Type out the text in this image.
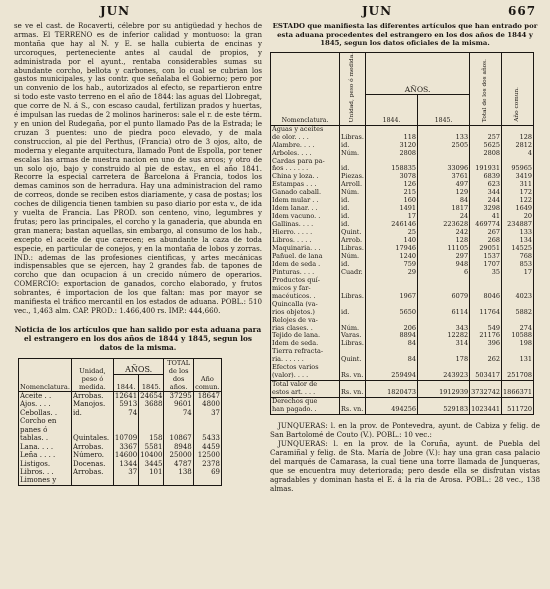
JUN	JUN	667

se ve el cast. de Rocaverti, célebre por su antigüedad y hechos de armas. El TERRENO es de inferior calidad y montuoso: la gran montaña que hay al N. y E. se halla cubierta de encinas y urcoroques, perteneciente antes al caudal de propios, y administrada por el ayunt., rentaba considerables sumas su abundante corcho, bellota y carbones, con lo cual se cubrian los gastos municipales, y las contr. que señalaba el Gobierno; pero por un convenio de los hab., autorizados al efecto, se repartieron entre si todo este vasto terreno en el año de 1844: las aguas del Llobregat, que corre de N. á S., con escaso caudal, fertilizan prados y huertas, é impulsan las ruedas de 2 molinos harineros: sale el r. de este térm. y en union del Rudegaña, por el punto llamado Pas de la Estrada; le cruzan 3 puentes: uno de piedra poco elevado, y de mala construccion, al pie del Perthus, (Francia) otro de 3 ojos, alto, de moderna y elegante arquitectura, llamado Pont de Espolla, por tener escalas las armas de nuestra nacion en uno de sus arcos; y otro de un solo ojo, bajo y construido al pie de estav., en el año 1841. Recorre la especial carretera de Barcelona á Francia, todos los demas caminos son de herradura. Hay una administracion del ramo de correos, donde se reciben estos diariamente, y casa de postas; los coches de diligencia tienen tambien su paso diario por esta v., de ida y vuelta de Francia. Las PROD. son centeno, vino, legumbres y frutas; pero las principales, el corcho y la ganaderia, que abunda en gran manera; bastan aquellas, sin embargo, al consumo de los hab., excepto el aceite de que carecen; es abundante la caza de toda especie, en particular de conejos, y en la montaña de lobos y zorras. IND.: ademas de las profesiones cientificas, y artes mecánicas indispensables que se ejercen, hay 2 grandes fab. de tapones de corcho que dan ocupacion á un crecido número de operarios. COMERCIO: exportacion de ganados, corcho elaborado, y frutos sobrantes, é importacion de los que faltan: mas por mayor se manifiesta el tráfico mercantil en los estados de aduana. POBL.: 510 vec., 1,463 alm. CAP. PROD.: 1.466,400 rs. IMP.: 444,660.

Noticia de los artículos que han salido por esta aduana para el estrangero en los dos años de 1844 y 1845, segun los datos de la misma.

Nomenclatura.	Unidad, peso ó medida.	AÑOS.		TOTAL de los dos años.	Año comun.
		1844.	1845.		
Aceite . .	Arrobas.	12641	24654	37295	18647
Ajos. . . .	Manojos.	5913	3688	9601	4800
Cebollas. .	id.	74		74	37
Corcho en					
panes ó					
tablas. .	Quintales.	10709	158	10867	5433
Lana. . . .	Arrobas.	3367	5581	8948	4459
Leña . . . .	Número.	14600	10400	25000	12500
Listigos.	Docenas.	1344	3445	4787	2378
Libros. . .	Arrobas.	37	101	138	69
Limones y					

ESTADO que manifiesta las diferentes artículos que han entrado por esta aduana procedentes del estrangero en los dos años de 1844 y 1845, segun los datos oficiales de la misma.

Nomenclatura.	Unidad, peso ó medida.	AÑOS.		Total de los dos años.	Año comun.
		1844.	1845.		
Aguas y aceites					
de olor. . . .	Libras.	118	133	257	128
Alambre. . . .	id.	3120	2505	5625	2812
Arboles. . . .	Núm.	2808		2808	4
Cardas para pa-					
ños . . . . . .	id.	158835	33096	191931	95965
China y loza. .	Piezas.	3078	3761	6839	3419
Estampas . . .	Arroll.	126	497	623	311
Ganado caball.	Núm.	215	129	344	172
Idem mular . .	id.	160	84	244	122
Idem lanar. . .	id.	1491	1817	3298	1649
Idem vacuno. .	id.	17	24	41	20
Gallinas. . . .	id.	246146	223628	469774	234887
Hierro. . . . .	Quint.	25	242	267	133
Libros. . . . .	Arrob.	140	128	268	134
Maquinaria. . .	Libras.	17946	11105	29051	14525
Pañuel. de lana	Núm.	1240	297	1537	768
Idem de seda .	id.	759	948	1707	853
Pinturas. . . .	Cuadr.	29	6	35	17
Productos quí-					
micos y far-					
macéuticos. .	Libras.	1967	6079	8046	4023
Quincalla (va-					
rios objetos.)	id.	5650	6114	11764	5882
Relojes de va-					
rias clases. .	Núm.	206	343	549	274
Tejido de lana.	Varas.	8894	12282	21176	10588
Idem de seda.	Libras.	84	314	396	198
Tierra refracta-					
ria. . . . . .	Quint.	84	178	262	131
Efectos varios					
(valor). . . .	Rs. vn.	259494	243923	503417	251708
Total valor de					
estos art. . . .	Rs. vn.	1820473	1912939	3732742	1866371
Derechos que					
han pagado. .	Rs. vn.	494256	529183	1023441	511720

JUNQUERAS: l. en la prov. de Pontevedra, ayunt. de Cabiza y felig. de San Bartolomé de Couto (V.). POBL.: 10 vec.:

JUNQUERAS: l. en la prov. de la Coruña, ayunt. de Puebla del Caramiñal y felig. de Sta. María de Jobre (V.): hay una gran casa palacio del marqués de Camarasa, la cual tiene una torre llamada de Junqueras, que se encuentra muy deteriorada; pero desde ella se disfrutan vistas agradables y dominan hasta el E. á la ria de Arosa. POBL.: 28 vec., 138 almas.
